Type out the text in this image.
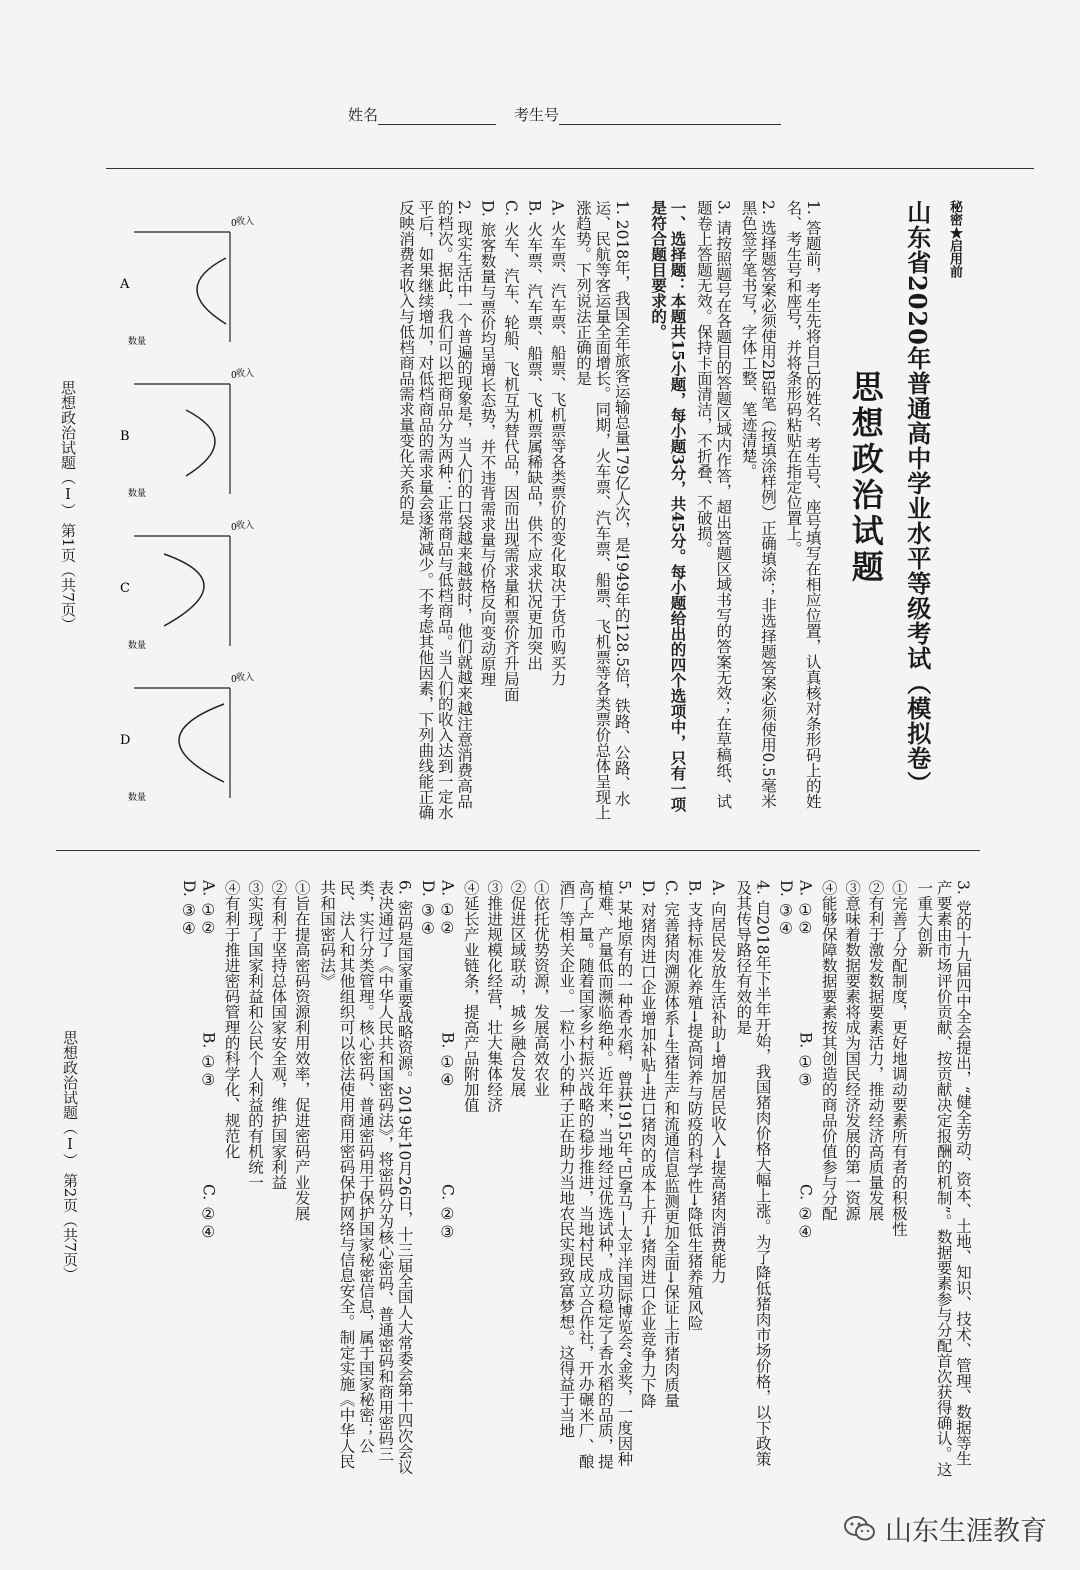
姓名	考生号
秘密★启用前
山东省2020年普通高中学业水平等级考试（模拟卷）
思想政治试题
1. 答题前，考生先将自己的姓名、考生号、座号填写在相应位置，认真核对条形码上的姓名、考生号和座号，并将条形码粘贴在指定位置上。
2. 选择题答案必须使用2B铅笔（按填涂样例）正确填涂；非选择题答案必须使用0.5毫米黑色签字笔书写，字体工整、笔迹清楚。
3. 请按照题号在各题目的答题区域内作答，超出答题区域书写的答案无效；在草稿纸、试题卷上答题无效。保持卡面清洁，不折叠、不破损。
一、选择题：本题共15小题，每小题3分，共45分。每小题给出的四个选项中，只有一项是符合题目要求的。
1. 2018年，我国全年旅客运输总量179亿人次，是1949年的128.5倍，铁路、公路、水运、民航等客运量全面增长。同期，火车票、汽车票、船票、飞机票等各类票价总体呈现上涨趋势。下列说法正确的是
A. 火车票、汽车票、船票、飞机票等各类票价的变化取决于货币购买力
B. 火车票、汽车票、船票、飞机票属稀缺品，供不应求状况更加突出
C. 火车、汽车、轮船、飞机互为替代品，因而出现需求量和票价齐升局面
D. 旅客数量与票价均呈增长态势，并不违背需求量与价格反向变动原理
2. 现实生活中一个普遍的现象是，当人们的口袋越来越鼓时，他们就越来越注意消费高品的档次。据此，我们可以把商品分为两种：正常商品与低档商品。当人们的收入达到一定水平后，如果继续增加，对低档商品的需求量会逐渐减少。不考虑其他因素，下列曲线能正确反映消费者收入与低档商品需求量变化关系的是
收入
数量
0
A
收入
数量
0
B
收入
数量
0
C
收入
数量
0
D
思想政治试题（Ⅰ） 第1页（共7页）
3. 党的十九届四中全会提出，“健全劳动、资本、土地、知识、技术、管理、数据等生产要素由市场评价贡献、按贡献决定报酬的机制”。数据要素参与分配首次获得确认。这一重大创新
①完善了分配制度，更好地调动要素所有者的积极性
②有利于激发数据要素活力，推动经济高质量发展
③意味着数据要素将成为国民经济发展的第一资源
④能够保障数据要素按其创造的商品价值参与分配
A. ①②B. ①③C. ②④D. ③④
4. 自2018年下半年开始，我国猪肉价格大幅上涨。为了降低猪肉市场价格，以下政策及其传导路径有效的是
A. 向居民发放生活补助→增加居民收入→提高猪肉消费能力
B. 支持标准化养殖→提高饲养与防疫的科学性→降低生猪养殖风险
C. 完善猪肉溯源体系→生猪生产和流通信息监测更加全面→保证上市猪肉质量
D. 对猪肉进口企业增加补贴→进口猪肉的成本上升→猪肉进口企业竞争力下降
5. 某地原有的一种香水稻，曾获1915年“巴拿马—太平洋国际博览会”金奖，一度因种植难、产量低而濒临绝种。近年来，当地经过优选试种，成功稳定了香水稻的品质，提高了产量。随着国家乡村振兴战略的稳步推进，当地村民成立合作社，开办碾米厂、酿酒厂等相关企业。一粒小小的种子正在助力当地农民实现致富梦想。这得益于当地
①依托优势资源，发展高效农业
②促进区域联动，城乡融合发展
③推进规模化经营，壮大集体经济
④延长产业链条，提高产品附加值
A. ①②B. ①④C. ②③D. ③④
6. 密码是国家重要战略资源。2019年10月26日，十三届全国人大常委会第十四次会议表决通过了《中华人民共和国密码法》，将密码分为核心密码、普通密码和商用密码三类，实行分类管理。核心密码、普通密码用于保护国家秘密信息，属于国家秘密；公民、法人和其他组织可以依法使用商用密码保护网络与信息安全。制定实施《中华人民共和国密码法》
①旨在提高密码资源利用效率，促进密码产业发展
②有利于坚持总体国家安全观，维护国家利益
③实现了国家利益和公民个人利益的有机统一
④有利于推进密码管理的科学化、规范化
A. ①②B. ①③C. ②④D. ③④
思想政治试题（Ⅰ） 第2页（共7页）
山东生涯教育
